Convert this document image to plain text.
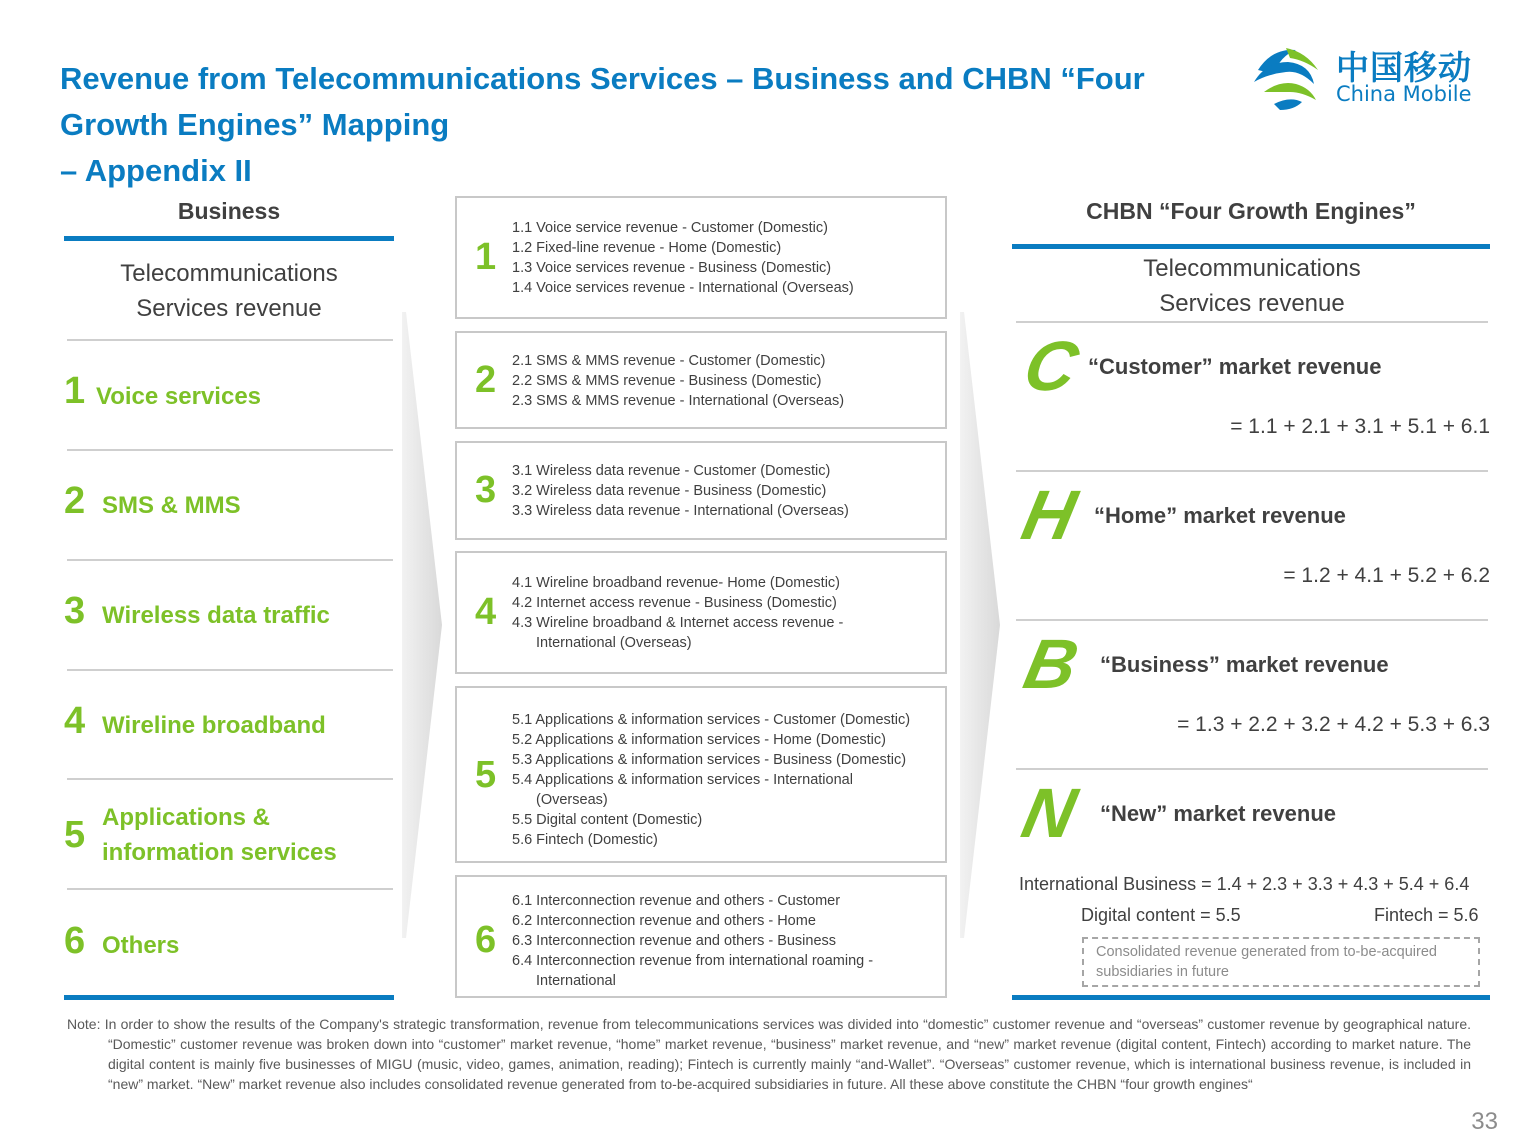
Revenue from Telecommunications Services – Business and CHBN “Four
Growth Engines” Mapping
– Appendix II
中国移动
China Mobile
Business
Telecommunications
Services revenue
1 Voice services
2 SMS & MMS
3 Wireless data traffic
4 Wireline broadband
5 Applications &
information services
6 Others
1
1.1 Voice service revenue - Customer (Domestic)
1.2 Fixed-line revenue - Home (Domestic)
1.3 Voice services revenue - Business (Domestic)
1.4 Voice services revenue - International (Overseas)
2 2.1 SMS & MMS revenue - Customer (Domestic)
2.2 SMS & MMS revenue - Business (Domestic)
2.3 SMS & MMS revenue - International (Overseas)
3 3.1 Wireless data revenue - Customer (Domestic)
3.2 Wireless data revenue - Business (Domestic)
3.3 Wireless data revenue - International (Overseas)
4
4.1 Wireline broadband revenue- Home (Domestic)
4.2 Internet access revenue - Business (Domestic)
4.3 Wireline broadband & Internet access revenue -
International (Overseas)
5
5.1 Applications & information services - Customer (Domestic)
5.2 Applications & information services - Home (Domestic)
5.3 Applications & information services - Business (Domestic)
5.4 Applications & information services - International
(Overseas)
5.5 Digital content (Domestic)
5.6 Fintech (Domestic)
6
6.1 Interconnection revenue and others - Customer
6.2 Interconnection revenue and others - Home
6.3 Interconnection revenue and others - Business
6.4 Interconnection revenue from international roaming -
International
CHBN “Four Growth Engines”
Telecommunications
Services revenue
C “Customer” market revenue
= 1.1 + 2.1 + 3.1 + 5.1 + 6.1
H “Home” market revenue
= 1.2 + 4.1 + 5.2 + 6.2
B “Business” market revenue
= 1.3 + 2.2 + 3.2 + 4.2 + 5.3 + 6.3
N “New” market revenue
International Business = 1.4 + 2.3 + 3.3 + 4.3 + 5.4 + 6.4
Digital content = 5.5	Fintech = 5.6
Consolidated revenue generated from to-be-acquired subsidiaries in future
Note: In order to show the results of the Company's strategic transformation, revenue from telecommunications services was divided into “domestic” customer revenue and “overseas” customer revenue by geographical nature. “Domestic” customer revenue was broken down into “customer” market revenue, “home” market revenue, “business” market revenue, and “new” market revenue (digital content, Fintech) according to market nature. The digital content is mainly five businesses of MIGU (music, video, games, animation, reading); Fintech is currently mainly “and-Wallet”. “Overseas” customer revenue, which is international business revenue, is included in “new” market. “New” market revenue also includes consolidated revenue generated from to-be-acquired subsidiaries in future. All these above constitute the CHBN “four growth engines“
33
